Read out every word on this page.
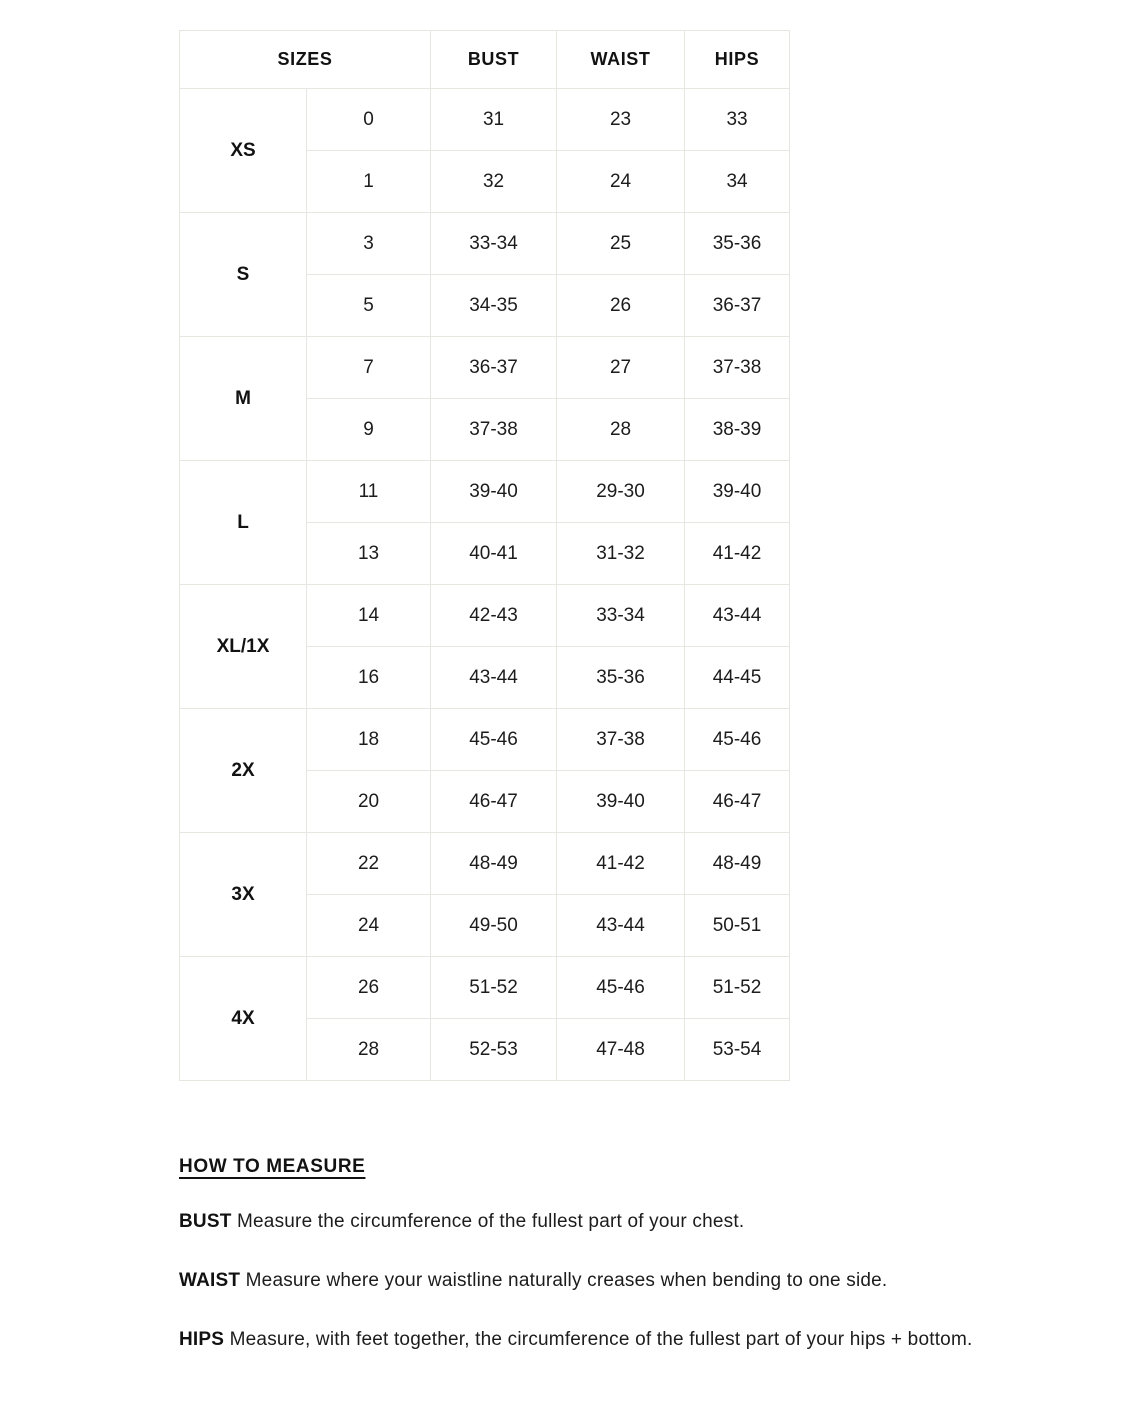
SIZES		BUST	WAIST	HIPS
XS	0	31	23	33
	1	32	24	34
S	3	33-34	25	35-36
	5	34-35	26	36-37
M	7	36-37	27	37-38
	9	37-38	28	38-39
L	11	39-40	29-30	39-40
	13	40-41	31-32	41-42
XL/1X	14	42-43	33-34	43-44
	16	43-44	35-36	44-45
2X	18	45-46	37-38	45-46
	20	46-47	39-40	46-47
3X	22	48-49	41-42	48-49
	24	49-50	43-44	50-51
4X	26	51-52	45-46	51-52
	28	52-53	47-48	53-54
HOW TO MEASURE

BUST Measure the circumference of the fullest part of your chest.

WAIST Measure where your waistline naturally creases when bending to one side.

HIPS Measure, with feet together, the circumference of the fullest part of your hips + bottom.
